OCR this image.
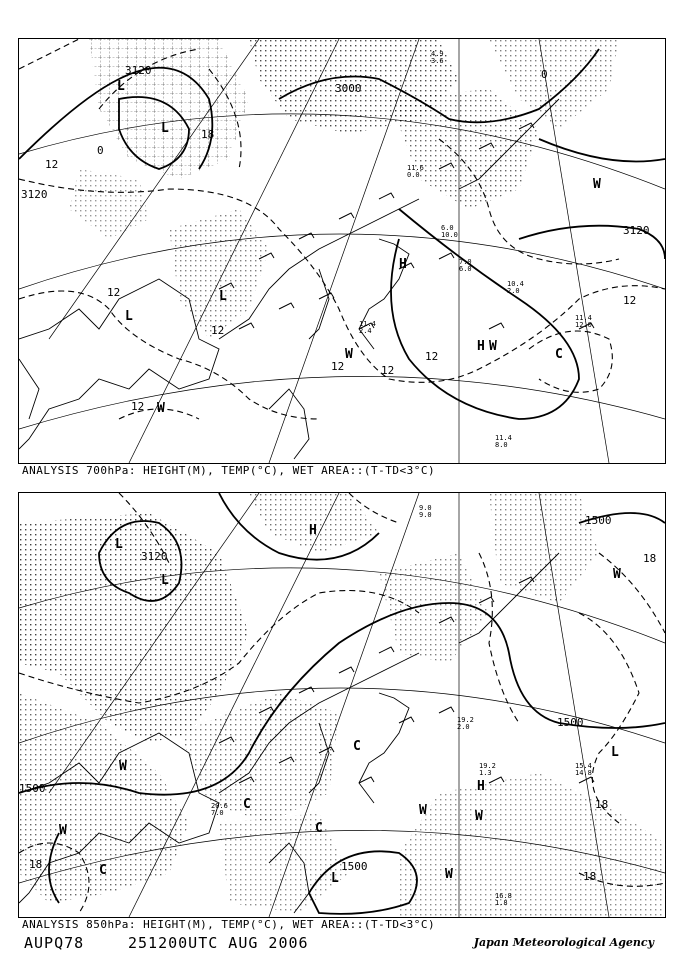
3120
3120
3000
3120
12
12
12
12	12
12
12
12
0
18
0
L
L
L
L
H
H
W
W
W
C
W
4.9
3.6
11.6
0.0
10.4
2.0
11.4
12.0
11.4
8.0
11.4
2.4
6.0
10.0
7.0
6.0
ANALYSIS 700hPa: HEIGHT(M), TEMP(°C), WET AREA::(T-TD<3°C)
3120
1500
1500
1500
1500
18
18
18
18
H
L
L
L
C
C
C
W
W
W	W
W
W
H
L
C
19.2
1.3
16.8
1.8
15.4
14.8
20.6
7.0
19.2
2.0
9.0
9.0
ANALYSIS 850hPa: HEIGHT(M), TEMP(°C), WET AREA::(T-TD<3°C)
AUPQ78	251200UTC AUG 2006	Japan Meteorological Agency
